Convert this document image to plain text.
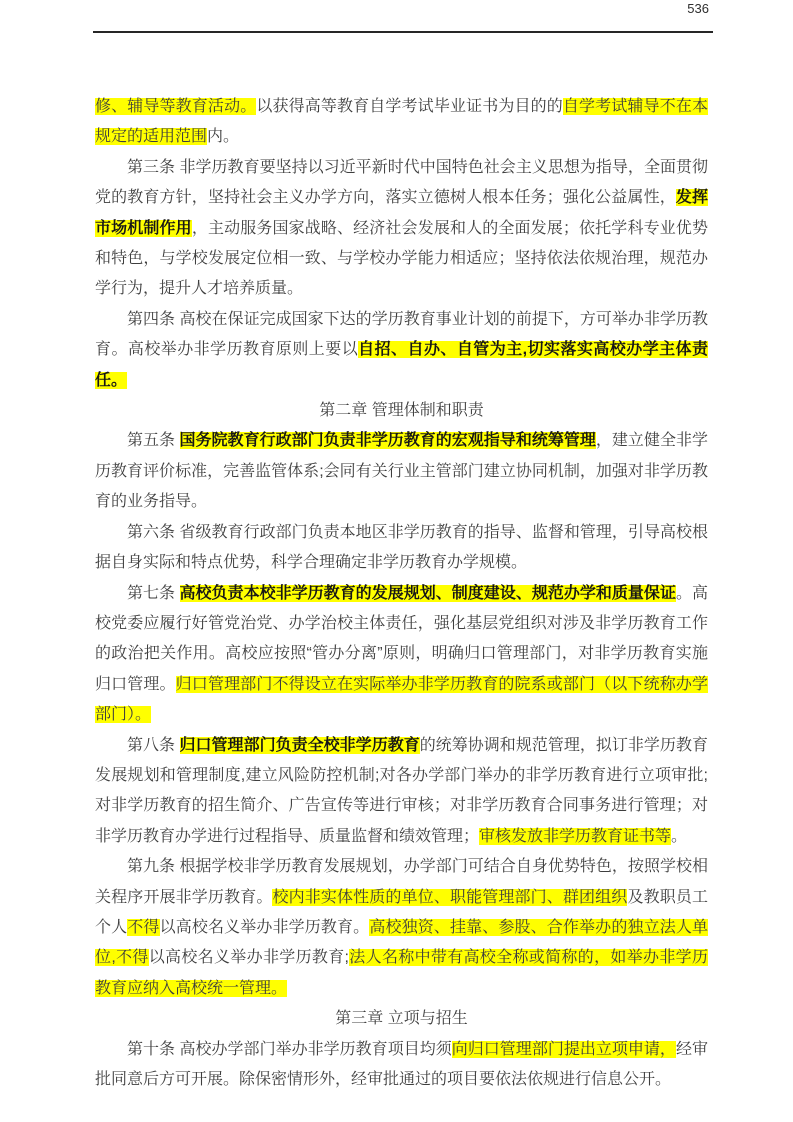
536

修、辅导等教育活动。以获得高等教育自学考试毕业证书为目的的自学考试辅导不在本规定的适用范围内。

第三条 非学历教育要坚持以习近平新时代中国特色社会主义思想为指导，全面贯彻党的教育方针，坚持社会主义办学方向，落实立德树人根本任务；强化公益属性，发挥市场机制作用，主动服务国家战略、经济社会发展和人的全面发展；依托学科专业优势和特色，与学校发展定位相一致、与学校办学能力相适应；坚持依法依规治理，规范办学行为，提升人才培养质量。

第四条 高校在保证完成国家下达的学历教育事业计划的前提下，方可举办非学历教育。高校举办非学历教育原则上要以自招、自办、自管为主,切实落实高校办学主体责任。

第二章 管理体制和职责

第五条 国务院教育行政部门负责非学历教育的宏观指导和统筹管理，建立健全非学历教育评价标准，完善监管体系;会同有关行业主管部门建立协同机制，加强对非学历教育的业务指导。

第六条 省级教育行政部门负责本地区非学历教育的指导、监督和管理，引导高校根据自身实际和特点优势，科学合理确定非学历教育办学规模。

第七条 高校负责本校非学历教育的发展规划、制度建设、规范办学和质量保证。高校党委应履行好管党治党、办学治校主体责任，强化基层党组织对涉及非学历教育工作的政治把关作用。高校应按照“管办分离”原则，明确归口管理部门，对非学历教育实施归口管理。归口管理部门不得设立在实际举办非学历教育的院系或部门（以下统称办学部门）。

第八条 归口管理部门负责全校非学历教育的统筹协调和规范管理，拟订非学历教育发展规划和管理制度,建立风险防控机制;对各办学部门举办的非学历教育进行立项审批;对非学历教育的招生简介、广告宣传等进行审核；对非学历教育合同事务进行管理；对非学历教育办学进行过程指导、质量监督和绩效管理；审核发放非学历教育证书等。

第九条 根据学校非学历教育发展规划，办学部门可结合自身优势特色，按照学校相关程序开展非学历教育。校内非实体性质的单位、职能管理部门、群团组织及教职员工个人不得以高校名义举办非学历教育。高校独资、挂靠、参股、合作举办的独立法人单位,不得以高校名义举办非学历教育;法人名称中带有高校全称或简称的，如举办非学历教育应纳入高校统一管理。

第三章 立项与招生

第十条 高校办学部门举办非学历教育项目均须向归口管理部门提出立项申请，经审批同意后方可开展。除保密情形外，经审批通过的项目要依法依规进行信息公开。
